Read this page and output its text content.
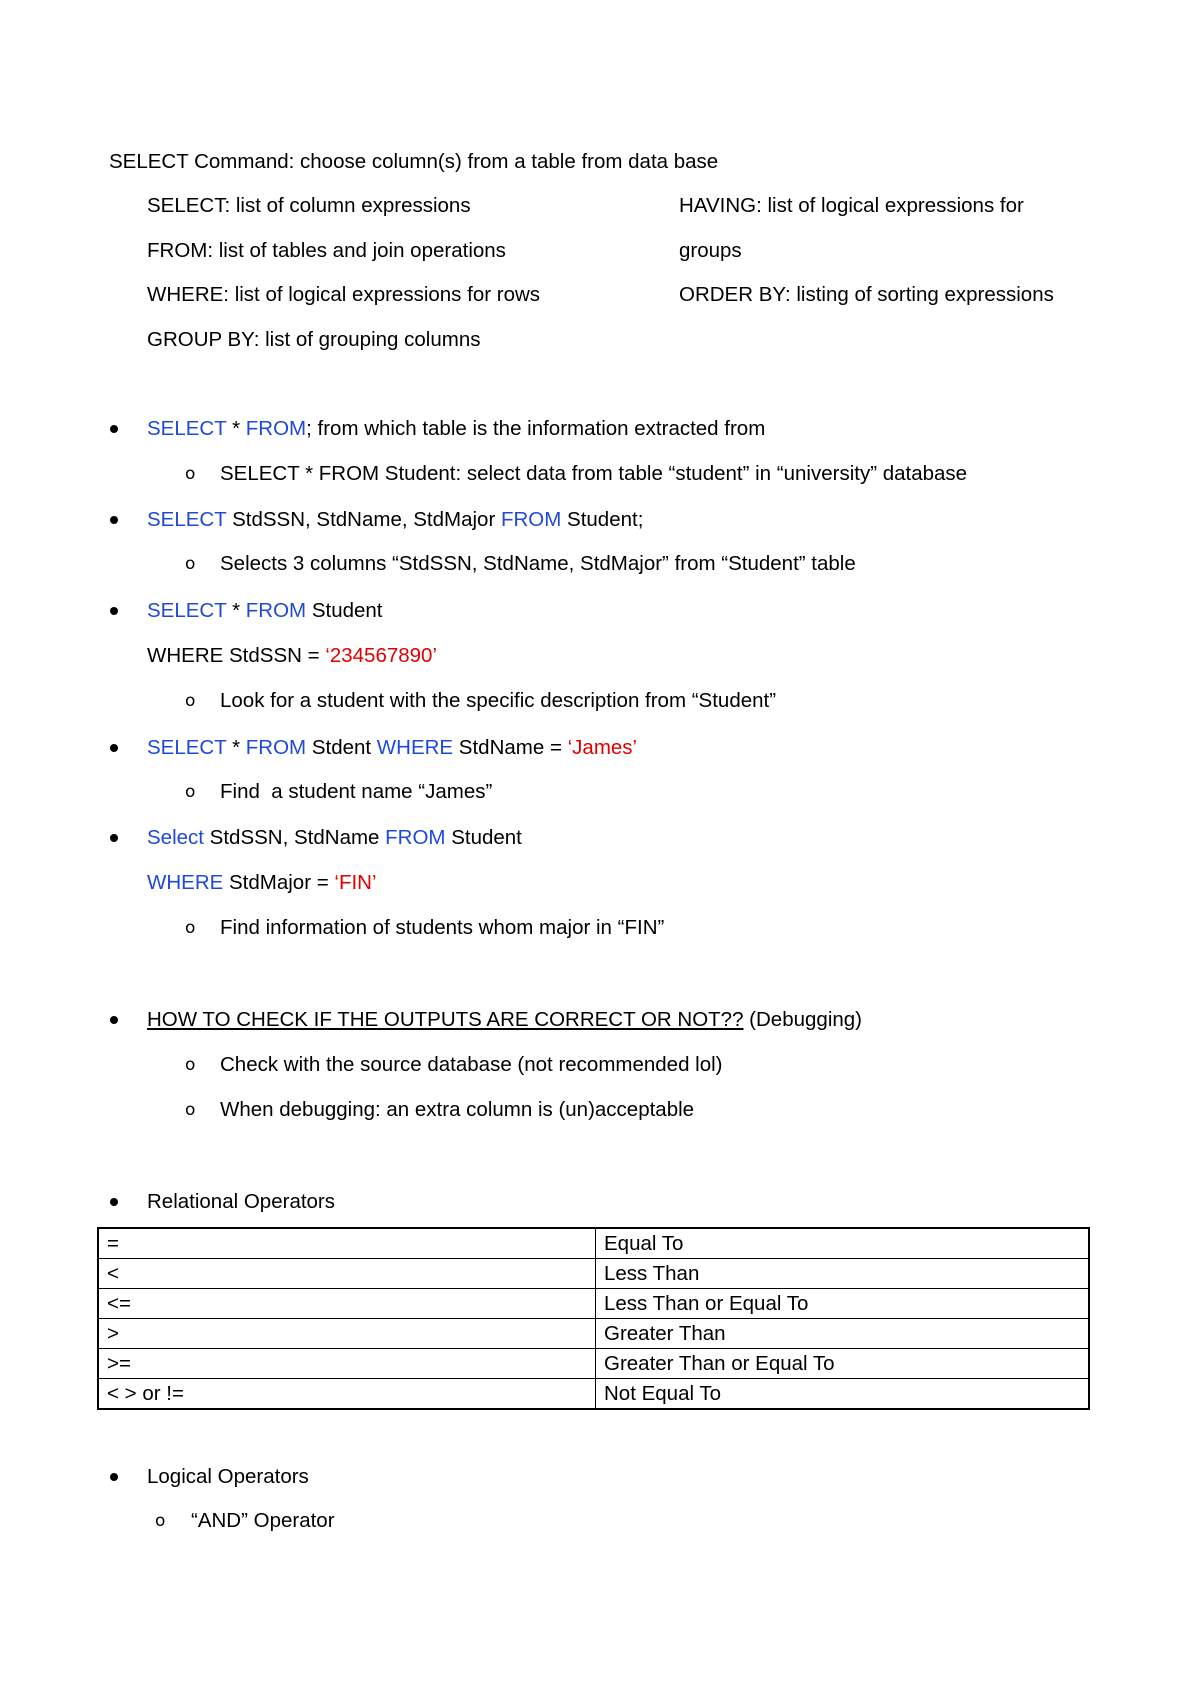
SELECT Command: choose column(s) from a table from data base
SELECT: list of column expressions
FROM: list of tables and join operations
WHERE: list of logical expressions for rows
GROUP BY: list of grouping columns
HAVING: list of logical expressions for
groups
ORDER BY: listing of sorting expressions
SELECT * FROM; from which table is the information extracted from
o SELECT * FROM Student: select data from table “student” in “university” database
SELECT StdSSN, StdName, StdMajor FROM Student;
o Selects 3 columns “StdSSN, StdName, StdMajor” from “Student” table
SELECT * FROM Student
WHERE StdSSN = ‘234567890’
o Look for a student with the specific description from “Student”
SELECT * FROM Stdent WHERE StdName = ‘James’
o Find  a student name “James”
Select StdSSN, StdName FROM Student
WHERE StdMajor = ‘FIN’
o Find information of students whom major in “FIN”
HOW TO CHECK IF THE OUTPUTS ARE CORRECT OR NOT?? (Debugging)
o Check with the source database (not recommended lol)
o When debugging: an extra column is (un)acceptable
Relational Operators
=	Equal To
<	Less Than
<=	Less Than or Equal To
>	Greater Than
>=	Greater Than or Equal To
< > or !=	Not Equal To
Logical Operators
o “AND” Operator
